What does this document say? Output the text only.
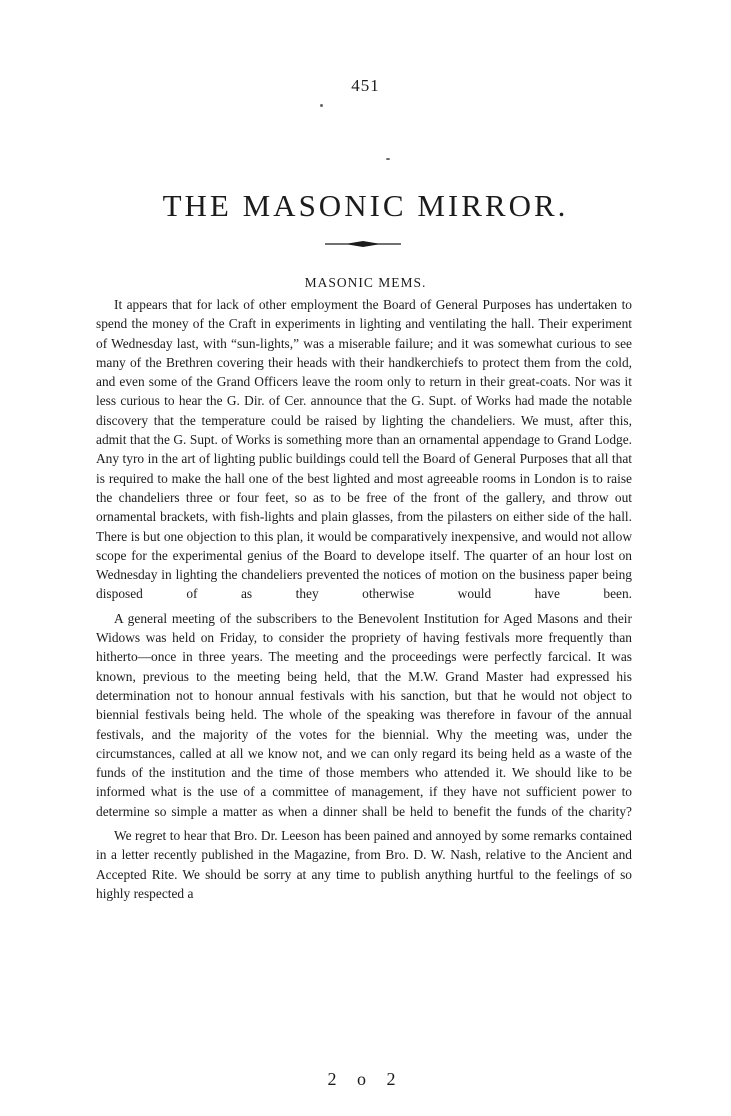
451
THE MASONIC MIRROR.
MASONIC MEMS.

It appears that for lack of other employment the Board of General Purposes has undertaken to spend the money of the Craft in experiments in lighting and ventilating the hall. Their experiment of Wednesday last, with “sun-lights,” was a miserable failure; and it was somewhat curious to see many of the Brethren covering their heads with their handkerchiefs to protect them from the cold, and even some of the Grand Officers leave the room only to return in their great-coats. Nor was it less curious to hear the G. Dir. of Cer. announce that the G. Supt. of Works had made the notable discovery that the temperature could be raised by lighting the chandeliers. We must, after this, admit that the G. Supt. of Works is something more than an ornamental appendage to Grand Lodge. Any tyro in the art of lighting public buildings could tell the Board of General Purposes that all that is required to make the hall one of the best lighted and most agreeable rooms in London is to raise the chandeliers three or four feet, so as to be free of the front of the gallery, and throw out ornamental brackets, with fish-lights and plain glasses, from the pilasters on either side of the hall. There is but one objection to this plan, it would be comparatively inexpensive, and would not allow scope for the experimental genius of the Board to develope itself. The quarter of an hour lost on Wednesday in lighting the chandeliers prevented the notices of motion on the business paper being disposed of as they otherwise would have been.

A general meeting of the subscribers to the Benevolent Institution for Aged Masons and their Widows was held on Friday, to consider the propriety of having festivals more frequently than hitherto—once in three years. The meeting and the proceedings were perfectly farcical. It was known, previous to the meeting being held, that the M.W. Grand Master had expressed his determination not to honour annual festivals with his sanction, but that he would not object to biennial festivals being held. The whole of the speaking was therefore in favour of the annual festivals, and the majority of the votes for the biennial. Why the meeting was, under the circumstances, called at all we know not, and we can only regard its being held as a waste of the funds of the institution and the time of those members who attended it. We should like to be informed what is the use of a committee of management, if they have not sufficient power to determine so simple a matter as when a dinner shall be held to benefit the funds of the charity?

We regret to hear that Bro. Dr. Leeson has been pained and annoyed by some remarks contained in a letter recently published in the Magazine, from Bro. D. W. Nash, relative to the Ancient and Accepted Rite. We should be sorry at any time to publish anything hurtful to the feelings of so highly respected a

2 o 2
